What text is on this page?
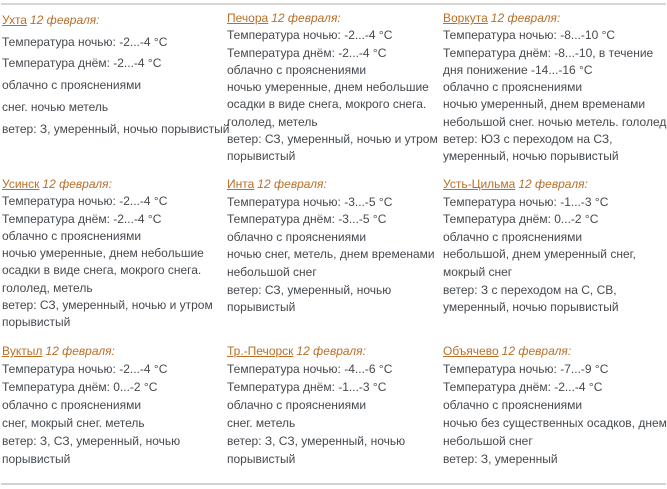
Ухта 12 февраля:
Температура ночью: -2...-4 °С
Температура днём: -2...-4 °С
облачно с прояснениями
снег. ночью метель
ветер: З, умеренный, ночью порывистый
Печора 12 февраля:
Температура ночью: -2...-4 °С
Температура днём: -2...-4 °С
облачно с прояснениями
ночью умеренные, днем небольшие
осадки в виде снега, мокрого снега.
гололед, метель
ветер: СЗ, умеренный, ночью и утром
порывистый
Воркута 12 февраля:
Температура ночью: -8...-10 °С
Температура днём: -8...-10, в течение
дня понижение -14...-16 °С
облачно с прояснениями
ночью умеренный, днем временами
небольшой снег. ночью метель. гололед
ветер: ЮЗ с переходом на СЗ,
умеренный, ночью порывистый
Усинск 12 февраля:
Температура ночью: -2...-4 °С
Температура днём: -2...-4 °С
облачно с прояснениями
ночью умеренные, днем небольшие
осадки в виде снега, мокрого снега.
гололед, метель
ветер: СЗ, умеренный, ночью и утром
порывистый
Инта 12 февраля:
Температура ночью: -3...-5 °С
Температура днём: -3...-5 °С
облачно с прояснениями
ночью снег, метель, днем временами
небольшой снег
ветер: СЗ, умеренный, ночью
порывистый
Усть-Цильма 12 февраля:
Температура ночью: -1...-3 °С
Температура днём: 0...-2 °С
облачно с прояснениями
небольшой, днем умеренный снег,
мокрый снег
ветер: З с переходом на С, СВ,
умеренный, ночью порывистый
Вуктыл 12 февраля:
Температура ночью: -2...-4 °С
Температура днём: 0...-2 °С
облачно с прояснениями
снег, мокрый снег. метель
ветер: З, СЗ, умеренный, ночью
порывистый
Тр.-Печорск 12 февраля:
Температура ночью: -4...-6 °С
Температура днём: -1...-3 °С
облачно с прояснениями
снег. метель
ветер: З, СЗ, умеренный, ночью
порывистый
Объячево 12 февраля:
Температура ночью: -7...-9 °С
Температура днём: -2...-4 °С
облачно с прояснениями
ночью без существенных осадков, днем
небольшой снег
ветер: З, умеренный
